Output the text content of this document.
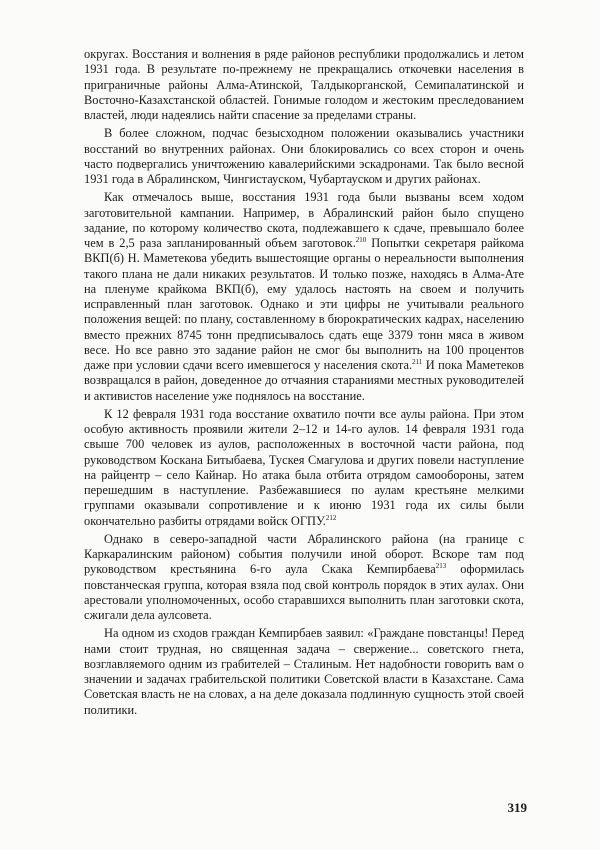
округах. Восстания и волнения в ряде районов республики продолжались и летом 1931 года. В результате по-прежнему не прекращались откочевки населения в приграничные районы Алма-Атинской, Талдыкорганской, Семипалатинской и Восточно-Казахстанской областей. Гонимые голодом и жестоким преследованием властей, люди надеялись найти спасение за пределами страны.

В более сложном, подчас безысходном положении оказывались участники восстаний во внутренних районах. Они блокировались со всех сторон и очень часто подвергались уничтожению кавалерийскими эскадронами. Так было весной 1931 года в Абралинском, Чингистауском, Чубартауском и других районах.

Как отмечалось выше, восстания 1931 года были вызваны всем ходом заготовительной кампании. Например, в Абралинский район было спущено задание, по которому количество скота, подлежавшего к сдаче, превышало более чем в 2,5 раза запланированный объем заготовок.$^{210}$ Попытки секретаря райкома ВКП(б) Н. Маметекова убедить вышестоящие органы о нереальности выполнения такого плана не дали никаких результатов. И только позже, находясь в Алма-Ате на пленуме крайкома ВКП(б), ему удалось настоять на своем и получить исправленный план заготовок. Однако и эти цифры не учитывали реального положения вещей: по плану, составленному в бюрократических кадрах, населению вместо прежних 8745 тонн предписывалось сдать еще 3379 тонн мяса в живом весе. Но все равно это задание район не смог бы выполнить на 100 процентов даже при условии сдачи всего имевшегося у населения скота.$^{211}$ И пока Маметеков возвращался в район, доведенное до отчаяния стараниями местных руководителей и активистов население уже поднялось на восстание.

К 12 февраля 1931 года восстание охватило почти все аулы района. При этом особую активность проявили жители 2–12 и 14-го аулов. 14 февраля 1931 года свыше 700 человек из аулов, расположенных в восточной части района, под руководством Коскана Битыбаева, Тускея Смагулова и других повели наступление на райцентр – село Кайнар. Но атака была отбита отрядом самообороны, затем перешедшим в наступление. Разбежавшиеся по аулам крестьяне мелкими группами оказывали сопротивление и к июню 1931 года их силы были окончательно разбиты отрядами войск ОГПУ.$^{212}$

Однако в северо-западной части Абралинского района (на границе с Каркаралинским районом) события получили иной оборот. Вскоре там под руководством крестьянина 6-го аула Скака Кемпирбаева$^{213}$ оформилась повстанческая группа, которая взяла под свой контроль порядок в этих аулах. Они арестовали уполномоченных, особо старавшихся выполнить план заготовки скота, сжигали дела аулсовета.

На одном из сходов граждан Кемпирбаев заявил: «Граждане повстанцы! Перед нами стоит трудная, но священная задача – свержение... советского гнета, возглавляемого одним из грабителей – Сталиным. Нет надобности говорить вам о значении и задачах грабительской политики Советской власти в Казахстане. Сама Советская власть не на словах, а на деле доказала подлинную сущность этой своей политики.

319
